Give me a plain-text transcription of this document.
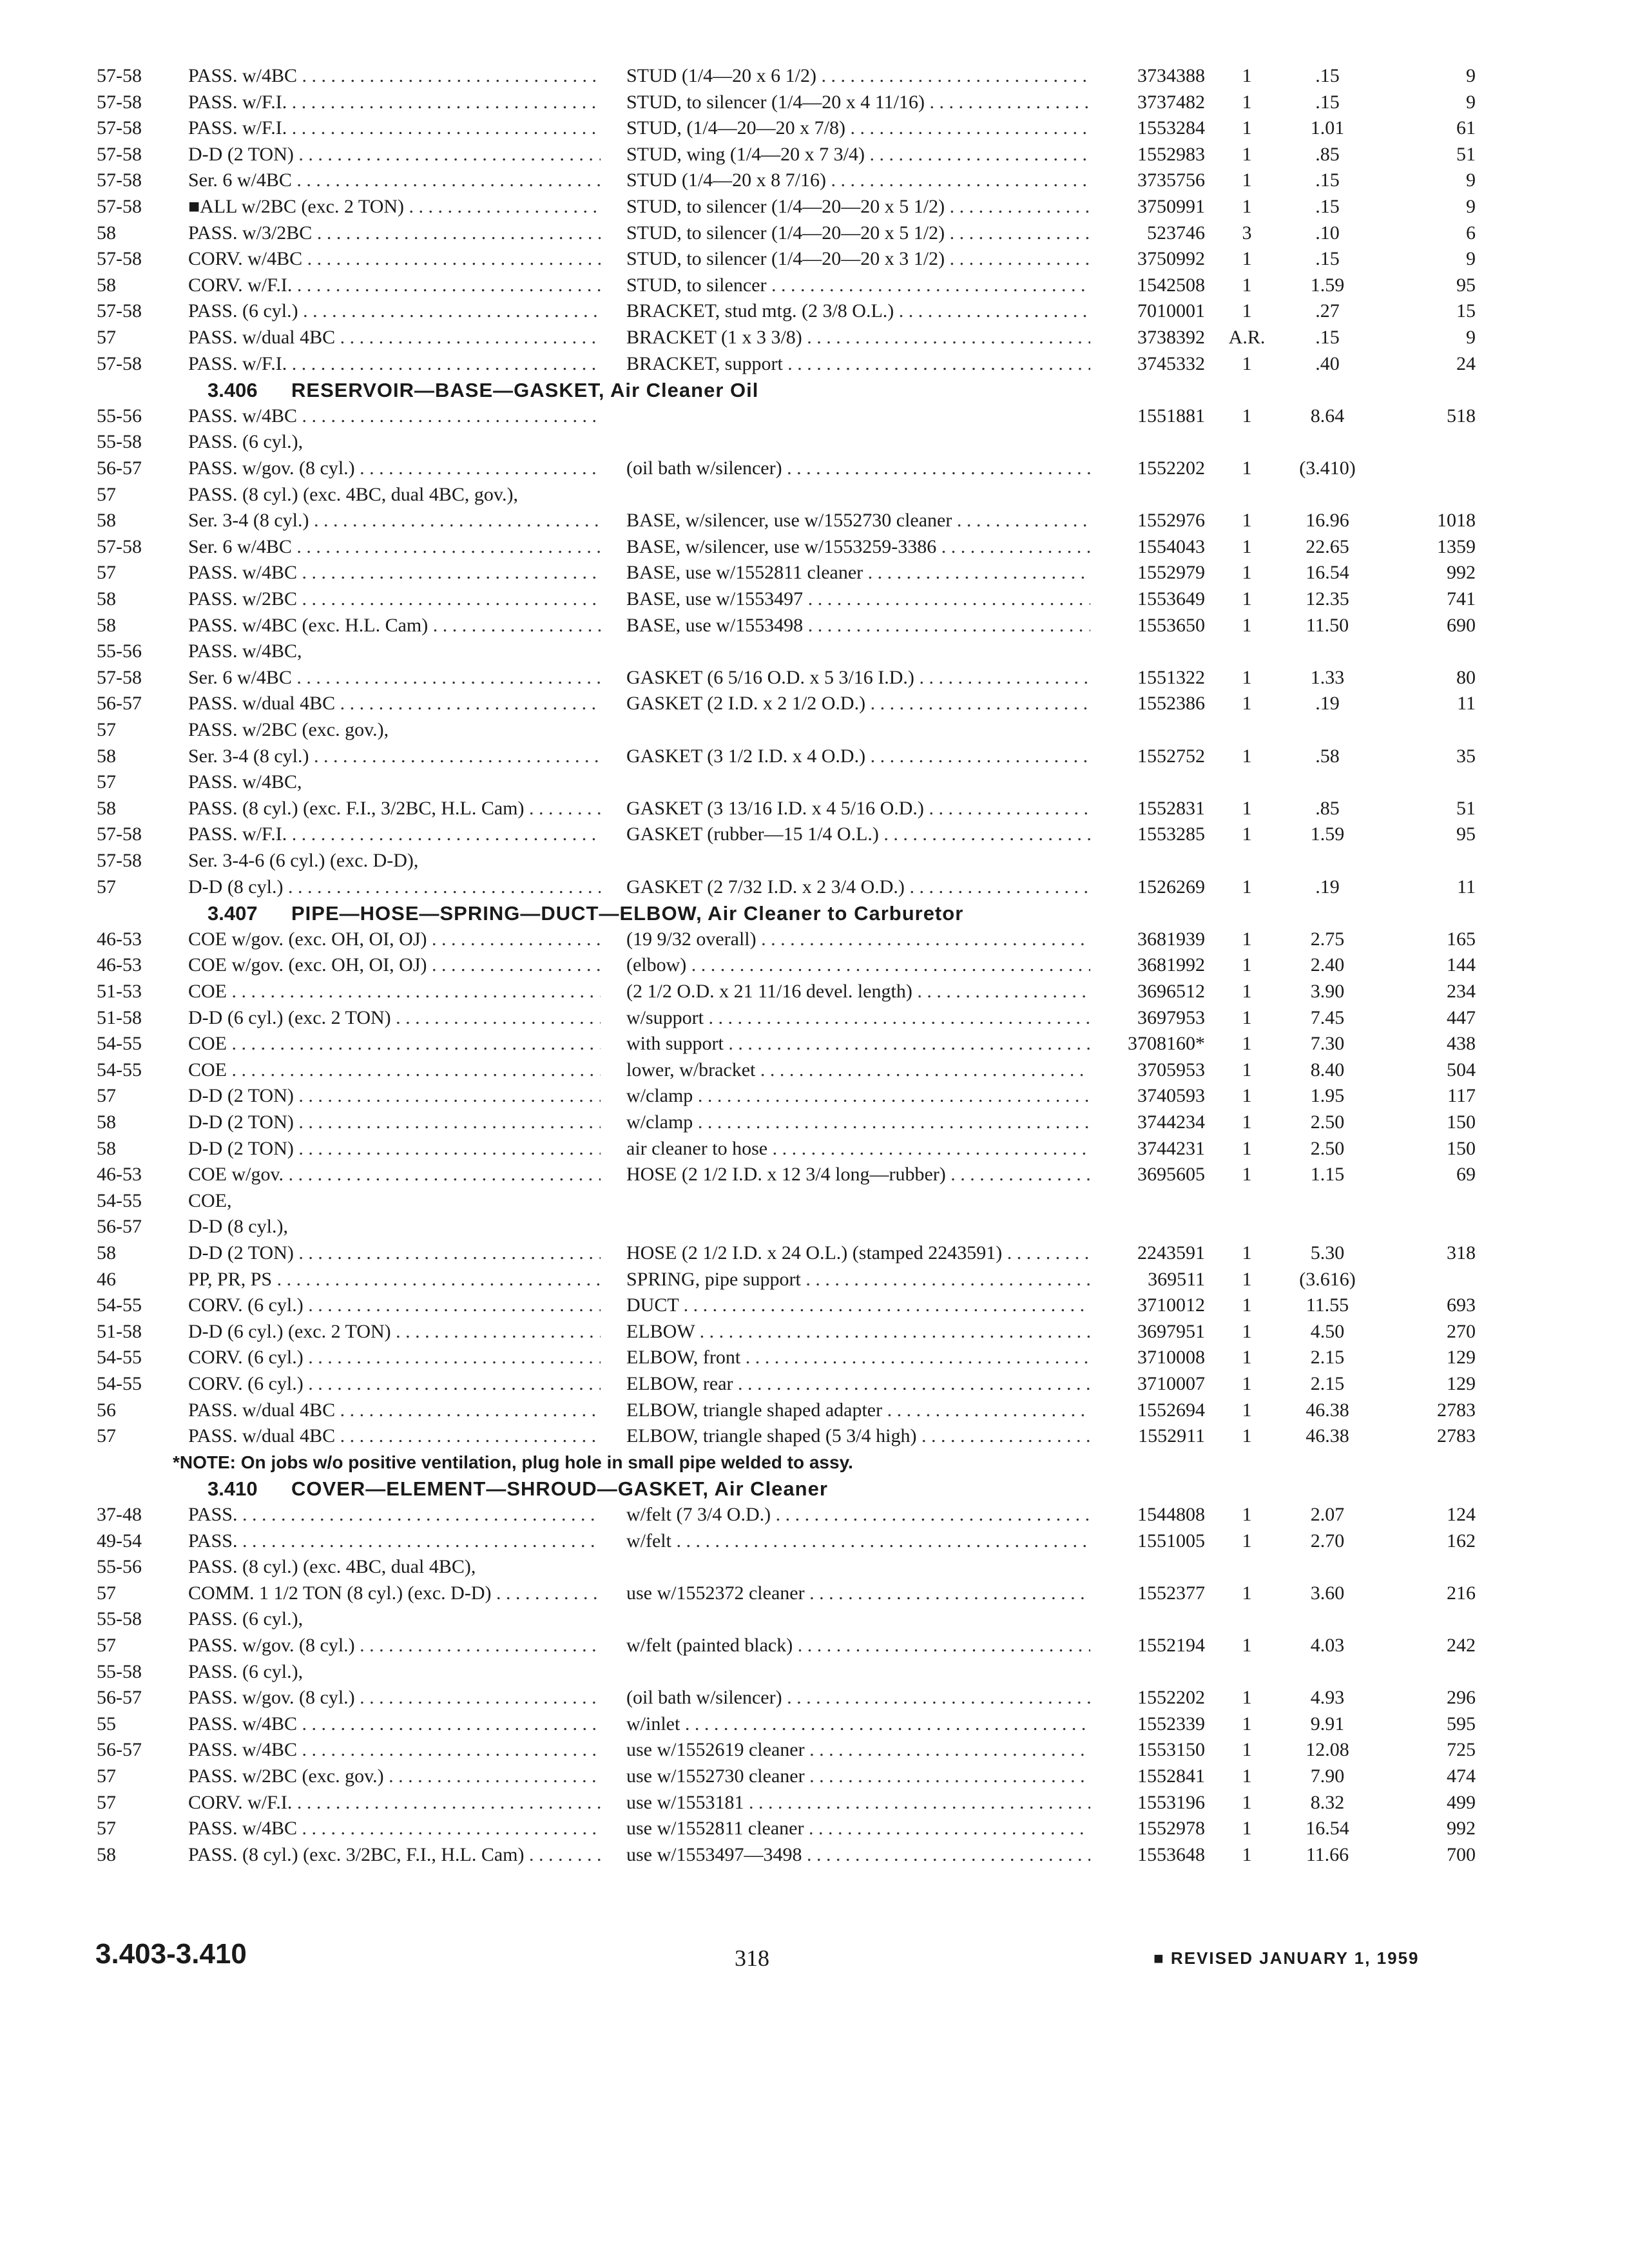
57-58	PASS. w/4BC . . .	STUD (1/4—20 x 6 1/2) . . .	3734388	1	.15	9
57-58	PASS. w/F.I. . . .	STUD, to silencer (1/4—20 x 4 11/16) . . .	3737482	1	.15	9
57-58	PASS. w/F.I. . . .	STUD, (1/4—20—20 x 7/8) . . .	1553284	1	1.01	61
57-58	D-D (2 TON) . . .	STUD, wing (1/4—20 x 7 3/4) . . .	1552983	1	.85	51
57-58	Ser. 6 w/4BC . . .	STUD (1/4—20 x 8 7/16) . . .	3735756	1	.15	9
57-58	■ALL w/2BC (exc. 2 TON) . . .	STUD, to silencer (1/4—20—20 x 5 1/2) . . .	3750991	1	.15	9
58	PASS. w/3/2BC . . .	STUD, to silencer (1/4—20—20 x 5 1/2) . . .	523746	3	.10	6
57-58	CORV. w/4BC . . .	STUD, to silencer (1/4—20—20 x 3 1/2) . . .	3750992	1	.15	9
58	CORV. w/F.I. . . .	STUD, to silencer . . .	1542508	1	1.59	95
57-58	PASS. (6 cyl.) . . .	BRACKET, stud mtg. (2 3/8 O.L.) . . .	7010001	1	.27	15
57	PASS. w/dual 4BC . . .	BRACKET (1 x 3 3/8) . . .	3738392	A.R.	.15	9
57-58	PASS. w/F.I. . . .	BRACKET, support . . .	3745332	1	.40	24
3.406 RESERVOIR—BASE—GASKET, Air Cleaner Oil
55-56	PASS. w/4BC . . .	1551881	1	8.64	518
55-58	PASS. (6 cyl.),
56-57	PASS. w/gov. (8 cyl.) . . .	(oil bath w/silencer) . . .	1552202	1	(3.410)
57	PASS. (8 cyl.) (exc. 4BC, dual 4BC, gov.),
58	Ser. 3-4 (8 cyl.) . . .	BASE, w/silencer, use w/1552730 cleaner . . .	1552976	1	16.96	1018
57-58	Ser. 6 w/4BC . . .	BASE, w/silencer, use w/1553259-3386 . . .	1554043	1	22.65	1359
57	PASS. w/4BC . . .	BASE, use w/1552811 cleaner . . .	1552979	1	16.54	992
58	PASS. w/2BC . . .	BASE, use w/1553497 . . .	1553649	1	12.35	741
58	PASS. w/4BC (exc. H.L. Cam) . . .	BASE, use w/1553498 . . .	1553650	1	11.50	690
55-56	PASS. w/4BC,
57-58	Ser. 6 w/4BC . . .	GASKET (6 5/16 O.D. x 5 3/16 I.D.) . . .	1551322	1	1.33	80
56-57	PASS. w/dual 4BC . . .	GASKET (2 I.D. x 2 1/2 O.D.) . . .	1552386	1	.19	11
57	PASS. w/2BC (exc. gov.),
58	Ser. 3-4 (8 cyl.) . . .	GASKET (3 1/2 I.D. x 4 O.D.) . . .	1552752	1	.58	35
57	PASS. w/4BC,
58	PASS. (8 cyl.) (exc. F.I., 3/2BC, H.L. Cam) . . .	GASKET (3 13/16 I.D. x 4 5/16 O.D.) . . .	1552831	1	.85	51
57-58	PASS. w/F.I. . . .	GASKET (rubber—15 1/4 O.L.) . . .	1553285	1	1.59	95
57-58	Ser. 3-4-6 (6 cyl.) (exc. D-D),
57	D-D (8 cyl.) . . .	GASKET (2 7/32 I.D. x 2 3/4 O.D.) . . .	1526269	1	.19	11
3.407 PIPE—HOSE—SPRING—DUCT—ELBOW, Air Cleaner to Carburetor
46-53	COE w/gov. (exc. OH, OI, OJ) . . .	(19 9/32 overall) . . .	3681939	1	2.75	165
46-53	COE w/gov. (exc. OH, OI, OJ) . . .	(elbow) . . .	3681992	1	2.40	144
51-53	COE . . .	(2 1/2 O.D. x 21 11/16 devel. length) . . .	3696512	1	3.90	234
51-58	D-D (6 cyl.) (exc. 2 TON) . . .	w/support . . .	3697953	1	7.45	447
54-55	COE . . .	with support . . .	3708160*	1	7.30	438
54-55	COE . . .	lower, w/bracket . . .	3705953	1	8.40	504
57	D-D (2 TON) . . .	w/clamp . . .	3740593	1	1.95	117
58	D-D (2 TON) . . .	w/clamp . . .	3744234	1	2.50	150
58	D-D (2 TON) . . .	air cleaner to hose . . .	3744231	1	2.50	150
46-53	COE w/gov. . . .	HOSE (2 1/2 I.D. x 12 3/4 long—rubber) . . .	3695605	1	1.15	69
54-55	COE,
56-57	D-D (8 cyl.),
58	D-D (2 TON) . . .	HOSE (2 1/2 I.D. x 24 O.L.) (stamped 2243591) . . .	2243591	1	5.30	318
46	PP, PR, PS . . .	SPRING, pipe support . . .	369511	1	(3.616)
54-55	CORV. (6 cyl.) . . .	DUCT . . .	3710012	1	11.55	693
51-58	D-D (6 cyl.) (exc. 2 TON) . . .	ELBOW . . .	3697951	1	4.50	270
54-55	CORV. (6 cyl.) . . .	ELBOW, front . . .	3710008	1	2.15	129
54-55	CORV. (6 cyl.) . . .	ELBOW, rear . . .	3710007	1	2.15	129
56	PASS. w/dual 4BC . . .	ELBOW, triangle shaped adapter . . .	1552694	1	46.38	2783
57	PASS. w/dual 4BC . . .	ELBOW, triangle shaped (5 3/4 high) . . .	1552911	1	46.38	2783
*NOTE: On jobs w/o positive ventilation, plug hole in small pipe welded to assy.
3.410 COVER—ELEMENT—SHROUD—GASKET, Air Cleaner
37-48	PASS. . . .	w/felt (7 3/4 O.D.) . . .	1544808	1	2.07	124
49-54	PASS. . . .	w/felt . . .	1551005	1	2.70	162
55-56	PASS. (8 cyl.) (exc. 4BC, dual 4BC),
57	COMM. 1 1/2 TON (8 cyl.) (exc. D-D) . . .	use w/1552372 cleaner . . .	1552377	1	3.60	216
55-58	PASS. (6 cyl.),
57	PASS. w/gov. (8 cyl.) . . .	w/felt (painted black) . . .	1552194	1	4.03	242
55-58	PASS. (6 cyl.),
56-57	PASS. w/gov. (8 cyl.) . . .	(oil bath w/silencer) . . .	1552202	1	4.93	296
55	PASS. w/4BC . . .	w/inlet . . .	1552339	1	9.91	595
56-57	PASS. w/4BC . . .	use w/1552619 cleaner . . .	1553150	1	12.08	725
57	PASS. w/2BC (exc. gov.) . . .	use w/1552730 cleaner . . .	1552841	1	7.90	474
57	CORV. w/F.I. . . .	use w/1553181 . . .	1553196	1	8.32	499
57	PASS. w/4BC . . .	use w/1552811 cleaner . . .	1552978	1	16.54	992
58	PASS. (8 cyl.) (exc. 3/2BC, F.I., H.L. Cam) . . .	use w/1553497—3498 . . .	1553648	1	11.66	700
3.403-3.410	318	■ REVISED JANUARY 1, 1959
